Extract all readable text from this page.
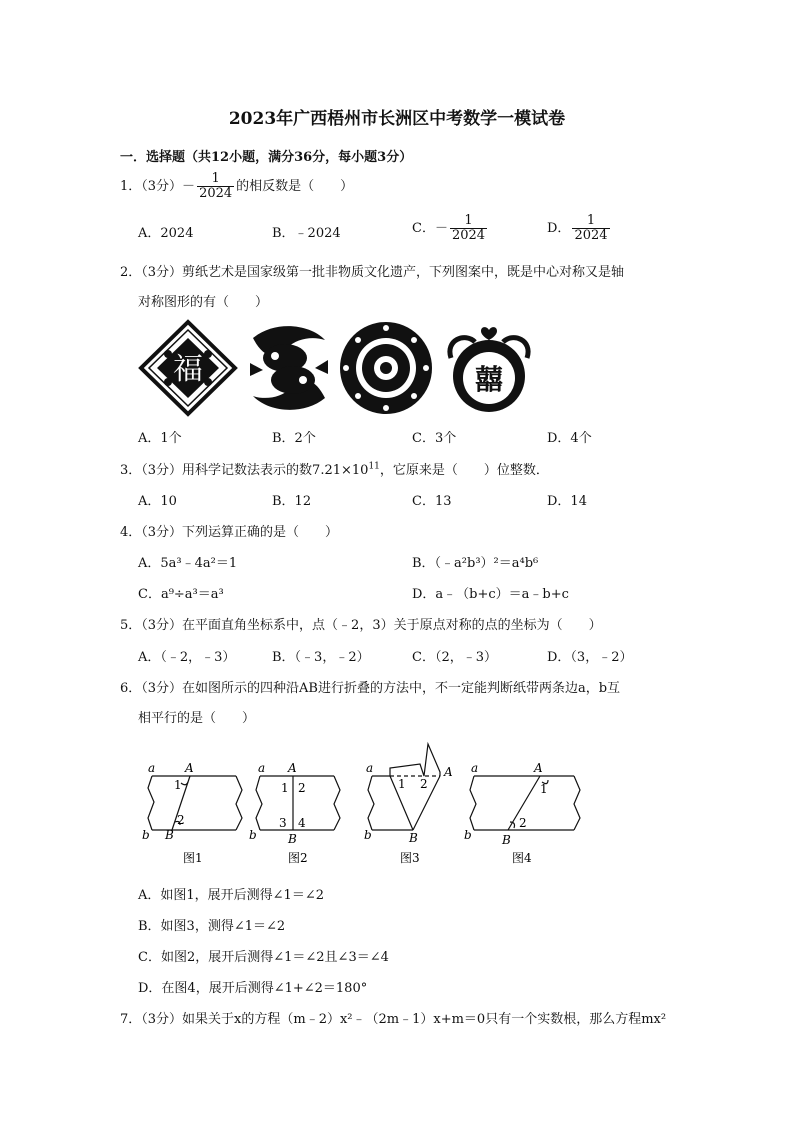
2023年广西梧州市长洲区中考数学一模试卷
一．选择题（共12小题，满分36分，每小题3分）
1．（3分）－ $\frac{1}{2024}$ 的相反数是（　　）
A．2024	B．﹣2024	C．－ $\frac{1}{2024}$	D． $\frac{1}{2024}$
2．（3分）剪纸艺术是国家级第一批非物质文化遗产，下列图案中，既是中心对称又是轴
对称图形的有（　　）
福	囍
A．1个	B．2个	C．3个	D．4个
3．（3分）用科学记数法表示的数$7.21\times 10^{11}$，它原来是（　　）位整数．
A．10	B．12	C．13	D．14
4．（3分）下列运算正确的是（　　）
A．5a³﹣4a²＝1	B．（﹣a²b³）²＝a⁴b⁶
C．a⁹÷a³＝a³	D．a﹣（b+c）＝a﹣b+c
5．（3分）在平面直角坐标系中，点（﹣2，3）关于原点对称的点的坐标为（　　）
A．（﹣2，﹣3）	B．（﹣3，﹣2）	C．（2，﹣3）	D．（3，﹣2）
6．（3分）在如图所示的四种沿AB进行折叠的方法中，不一定能判断纸带两条边a，b互
相平行的是（　　）
a A
1
2
b B
图1
a A
1 2
3 4
b	B
图2
a
1 2
A
b	B
图3
a	A
1
2
b	B
图4
A．如图1，展开后测得∠1＝∠2
B．如图3，测得∠1＝∠2
C．如图2，展开后测得∠1＝∠2且∠3＝∠4
D．在图4，展开后测得∠1+∠2＝180°
7．（3分）如果关于x的方程（m﹣2）x²﹣（2m﹣1）x+m＝0只有一个实数根，那么方程mx²
